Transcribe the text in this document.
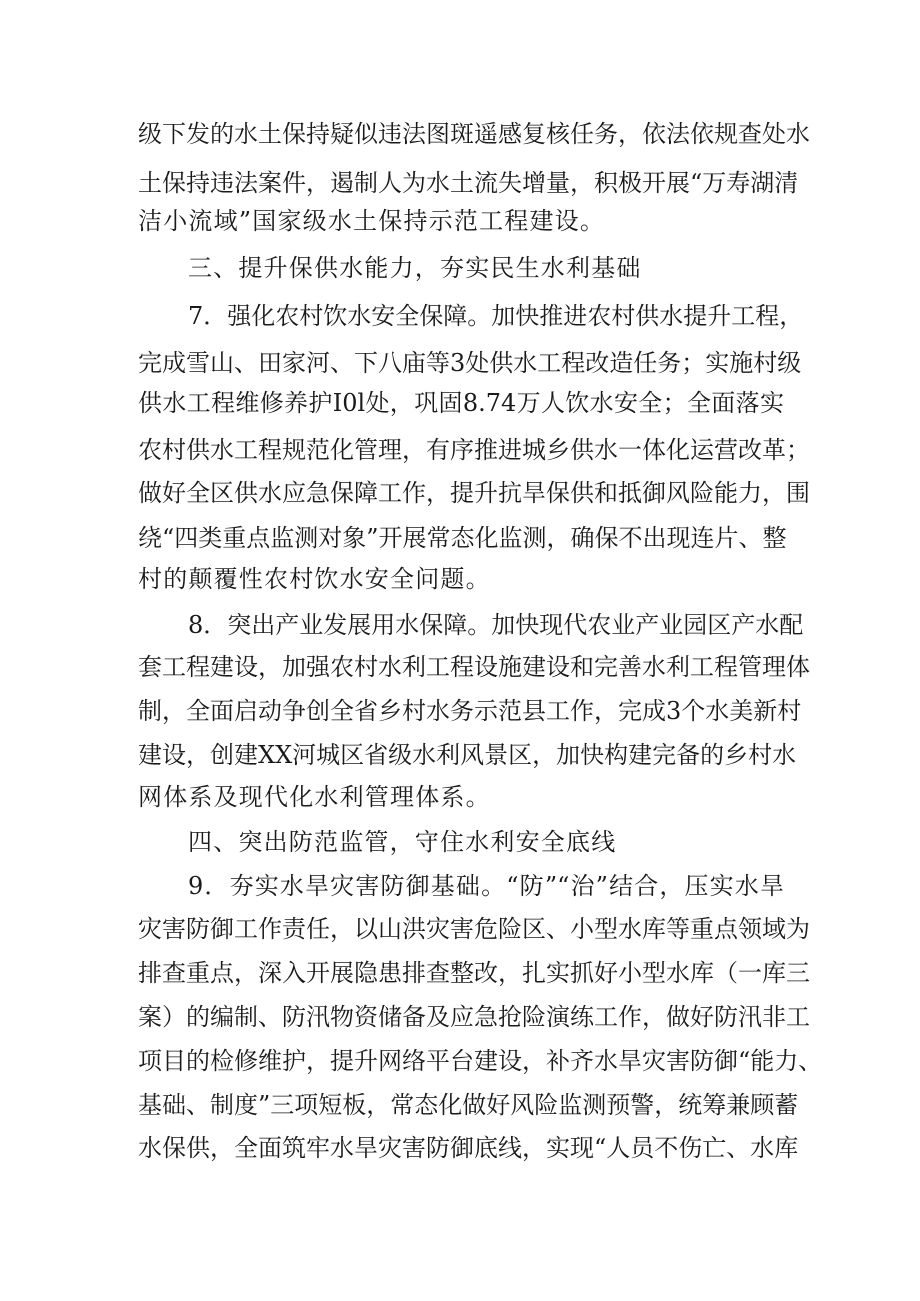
级下发的水土保持疑似违法图斑遥感复核任务，依法依规查处水
土保持违法案件，遏制人为水土流失增量，积极开展“万寿湖清
洁小流域”国家级水土保持示范工程建设。
三、提升保供水能力，夯实民生水利基础
7．强化农村饮水安全保障。加快推进农村供水提升工程，
完成雪山、田家河、下八庙等3处供水工程改造任务；实施村级
供水工程维修养护I0l处，巩固8.74万人饮水安全；全面落实
农村供水工程规范化管理，有序推进城乡供水一体化运营改革；
做好全区供水应急保障工作，提升抗旱保供和抵御风险能力，围
绕“四类重点监测对象”开展常态化监测，确保不出现连片、整
村的颠覆性农村饮水安全问题。
8．突出产业发展用水保障。加快现代农业产业园区产水配
套工程建设，加强农村水利工程设施建设和完善水利工程管理体
制，全面启动争创全省乡村水务示范县工作，完成3个水美新村
建设，创建XX河城区省级水利风景区，加快构建完备的乡村水
网体系及现代化水利管理体系。
四、突出防范监管，守住水利安全底线
9．夯实水旱灾害防御基础。“防”“治”结合，压实水旱
灾害防御工作责任，以山洪灾害危险区、小型水库等重点领域为
排查重点，深入开展隐患排查整改，扎实抓好小型水库（一库三
案）的编制、防汛物资储备及应急抢险演练工作，做好防汛非工
项目的检修维护，提升网络平台建设，补齐水旱灾害防御“能力、
基础、制度”三项短板，常态化做好风险监测预警，统筹兼顾蓄
水保供，全面筑牢水旱灾害防御底线，实现“人员不伤亡、水库
